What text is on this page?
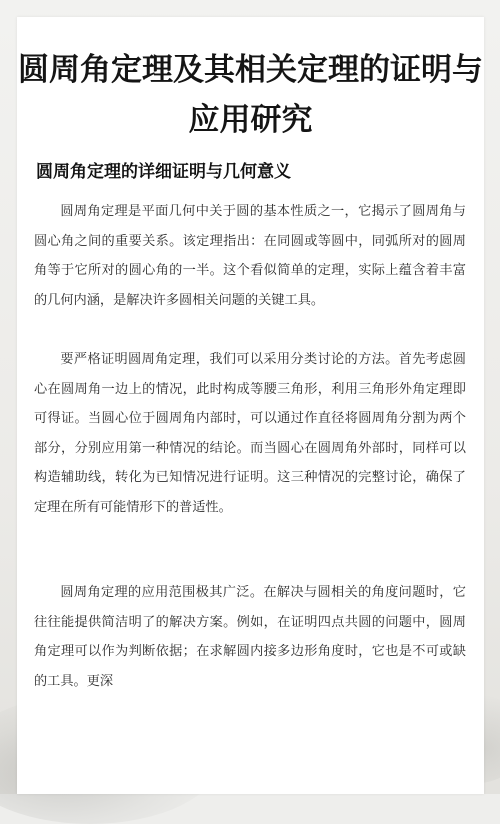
圆周角定理及其相关定理的证明与应用研究
圆周角定理的详细证明与几何意义

圆周角定理是平面几何中关于圆的基本性质之一，它揭示了圆周角与圆心角之间的重要关系。该定理指出：在同圆或等圆中，同弧所对的圆周角等于它所对的圆心角的一半。这个看似简单的定理，实际上蕴含着丰富的几何内涵，是解决许多圆相关问题的关键工具。

要严格证明圆周角定理，我们可以采用分类讨论的方法。首先考虑圆心在圆周角一边上的情况，此时构成等腰三角形，利用三角形外角定理即可得证。当圆心位于圆周角内部时，可以通过作直径将圆周角分割为两个部分，分别应用第一种情况的结论。而当圆心在圆周角外部时，同样可以构造辅助线，转化为已知情况进行证明。这三种情况的完整讨论，确保了定理在所有可能情形下的普适性。

圆周角定理的应用范围极其广泛。在解决与圆相关的角度问题时，它往往能提供简洁明了的解决方案。例如，在证明四点共圆的问题中，圆周角定理可以作为判断依据；在求解圆内接多边形角度时，它也是不可或缺的工具。更深
